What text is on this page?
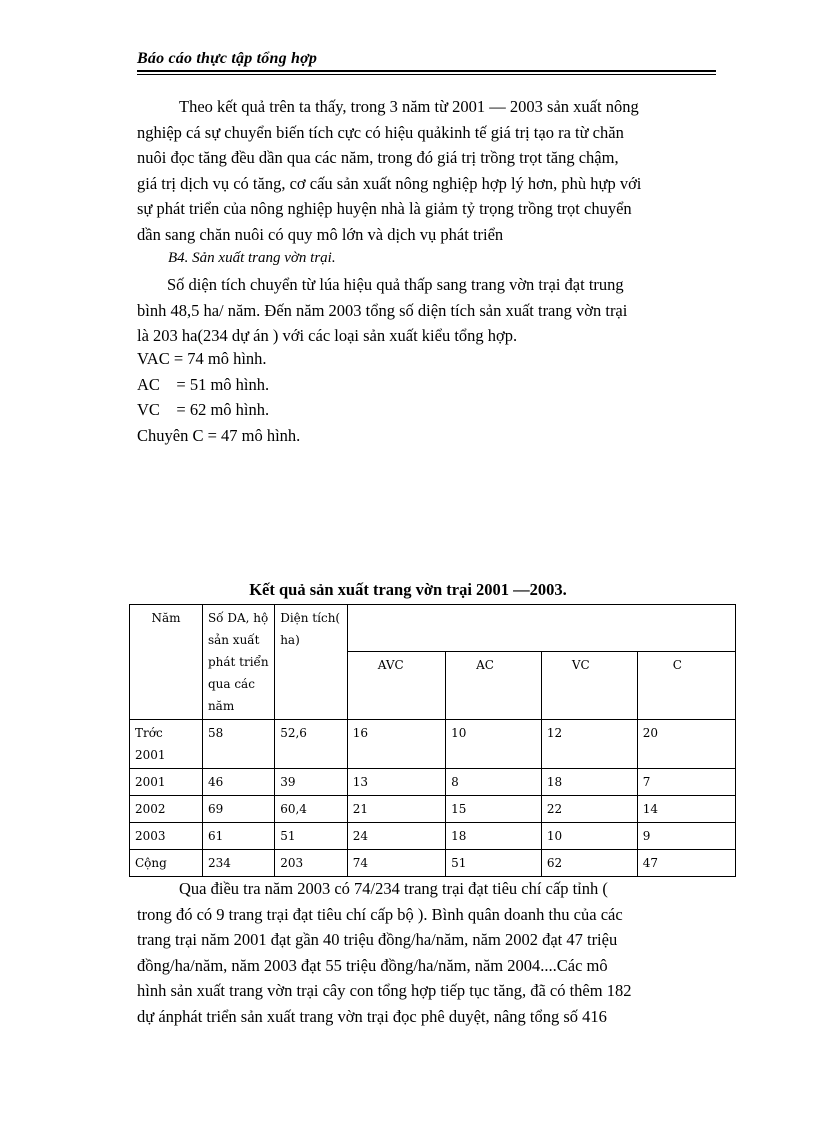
Báo cáo thực tập tổng hợp
Theo kết quả trên ta thấy, trong 3 năm từ 2001 — 2003 sản xuất nông
nghiệp cá sự chuyển biến tích cực có hiệu quảkinh tế giá trị tạo ra từ chăn
nuôi đọc tăng đều dần qua các năm, trong đó giá trị trồng trọt tăng chậm,
giá trị dịch vụ có tăng, cơ cấu sản xuất nông nghiệp hợp lý hơn, phù hựp với
sự phát triển của nông nghiệp huyện nhà là giảm tỷ trọng trồng trọt chuyển
dần sang chăn nuôi có quy mô lớn và dịch vụ phát triển
B4. Sản xuất trang vờn trại.
Số diện tích chuyển từ lúa hiệu quả thấp sang trang vờn trại đạt trung
bình 48,5 ha/ năm. Đến năm 2003 tổng số diện tích sản xuất trang vờn trại
là 203 ha(234 dự án ) với các loại sản xuất kiểu tổng hợp.
VAC = 74 mô hình.
AC    = 51 mô hình.
VC    = 62 mô hình.
Chuyên C = 47 mô hình.
Kết quả sản xuất trang vờn trại 2001 —2003.
Năm	Số DA, hộ sản xuất phát triển qua các năm	Diện tích( ha)				
			AVC	AC	VC	C
Trớc 2001	58	52,6	16	10	12	20
2001	46	39	13	8	18	7
2002	69	60,4	21	15	22	14
2003	61	51	24	18	10	9
Cộng	234	203	74	51	62	47
Qua điều tra năm 2003 có 74/234 trang trại đạt tiêu chí cấp tỉnh (
trong đó có 9 trang trại đạt tiêu chí cấp bộ ). Bình quân doanh thu của các
trang trại năm 2001 đạt gần 40 triệu đồng/ha/năm, năm 2002 đạt 47 triệu
đồng/ha/năm, năm 2003 đạt 55 triệu đồng/ha/năm, năm 2004....Các mô
hình sản xuất trang vờn trại cây con tổng hợp tiếp tục tăng, đã có thêm 182
dự ánphát triển sản xuất trang vờn trại đọc phê duyệt, nâng tổng số 416
